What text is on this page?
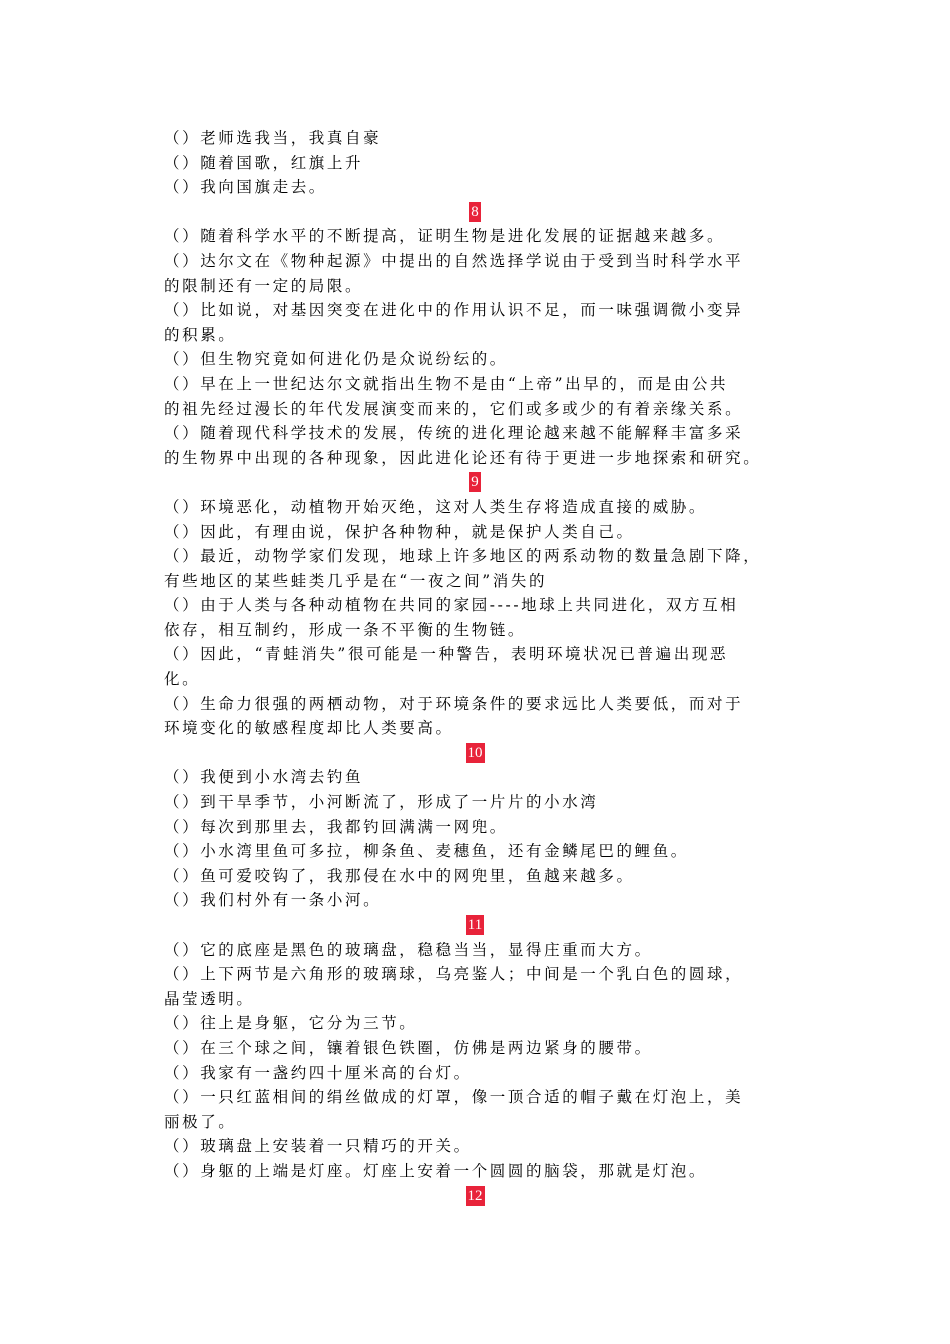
（）老师选我当，我真自豪
（）随着国歌，红旗上升
（）我向国旗走去。
8
（）随着科学水平的不断提高，证明生物是进化发展的证据越来越多。
（）达尔文在《物种起源》中提出的自然选择学说由于受到当时科学水平
的限制还有一定的局限。
（）比如说，对基因突变在进化中的作用认识不足，而一味强调微小变异
的积累。
（）但生物究竟如何进化仍是众说纷纭的。
（）早在上一世纪达尔文就指出生物不是由“上帝”出早的，而是由公共
的祖先经过漫长的年代发展演变而来的，它们或多或少的有着亲缘关系。
（）随着现代科学技术的发展，传统的进化理论越来越不能解释丰富多采
的生物界中出现的各种现象，因此进化论还有待于更进一步地探索和研究。
9
（）环境恶化，动植物开始灭绝，这对人类生存将造成直接的威胁。
（）因此，有理由说，保护各种物种，就是保护人类自己。
（）最近，动物学家们发现，地球上许多地区的两系动物的数量急剧下降，
有些地区的某些蛙类几乎是在“一夜之间”消失的
（）由于人类与各种动植物在共同的家园----地球上共同进化，双方互相
依存，相互制约，形成一条不平衡的生物链。
（）因此，“青蛙消失”很可能是一种警告，表明环境状况已普遍出现恶
化。
（）生命力很强的两栖动物，对于环境条件的要求远比人类要低，而对于
环境变化的敏感程度却比人类要高。
10
（）我便到小水湾去钓鱼
（）到干旱季节，小河断流了，形成了一片片的小水湾
（）每次到那里去，我都钓回满满一网兜。
（）小水湾里鱼可多拉，柳条鱼、麦穗鱼，还有金鳞尾巴的鲤鱼。
（）鱼可爱咬钩了，我那侵在水中的网兜里，鱼越来越多。
（）我们村外有一条小河。
11
（）它的底座是黑色的玻璃盘，稳稳当当，显得庄重而大方。
（）上下两节是六角形的玻璃球，乌亮鉴人；中间是一个乳白色的圆球，
晶莹透明。
（）往上是身躯，它分为三节。
（）在三个球之间，镶着银色铁圈，仿佛是两边紧身的腰带。
（）我家有一盏约四十厘米高的台灯。
（）一只红蓝相间的绢丝做成的灯罩，像一顶合适的帽子戴在灯泡上，美
丽极了。
（）玻璃盘上安装着一只精巧的开关。
（）身躯的上端是灯座。灯座上安着一个圆圆的脑袋，那就是灯泡。
12
